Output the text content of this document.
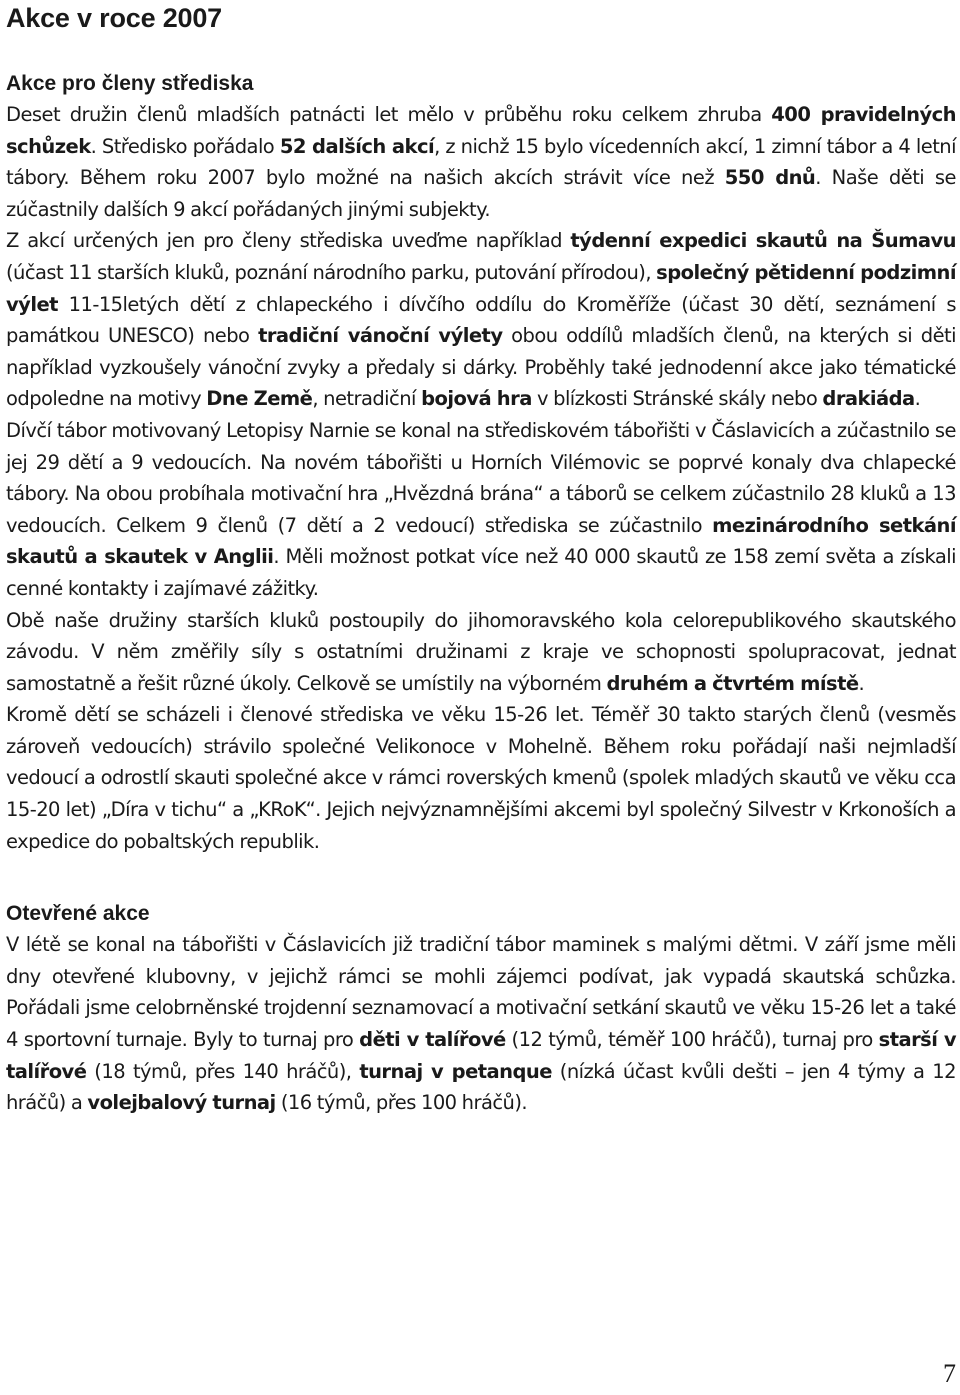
Akce v roce 2007
Akce pro členy střediska

Deset družin členů mladších patnácti let mělo v průběhu roku celkem zhruba 400 pravidelných schůzek. Středisko pořádalo 52 dalších akcí, z nichž 15 bylo vícedenních akcí, 1 zimní tábor a 4 letní tábory. Během roku 2007 bylo možné na našich akcích strávit více než 550 dnů. Naše děti se zúčastnily dalších 9 akcí pořádaných jinými subjekty.

Z akcí určených jen pro členy střediska uveďme například týdenní expedici skautů na Šumavu (účast 11 starších kluků, poznání národního parku, putování přírodou), společný pětidenní podzimní výlet 11-15letých dětí z chlapeckého i dívčího oddílu do Kroměříže (účast 30 dětí, seznámení s památkou UNESCO) nebo tradiční vánoční výlety obou oddílů mladších členů, na kterých si děti například vyzkoušely vánoční zvyky a předaly si dárky. Proběhly také jednodenní akce jako tématické odpoledne na motivy Dne Země, netradiční bojová hra v blízkosti Stránské skály nebo drakiáda.

Dívčí tábor motivovaný Letopisy Narnie se konal na střediskovém tábořišti v Čáslavicích a zúčastnilo se jej 29 dětí a 9 vedoucích. Na novém tábořišti u Horních Vilémovic se poprvé konaly dva chlapecké tábory. Na obou probíhala motivační hra „Hvězdná brána“ a táborů se celkem zúčastnilo 28 kluků a 13 vedoucích. Celkem 9 členů (7 dětí a 2 vedoucí) střediska se zúčastnilo mezinárodního setkání skautů a skautek v Anglii. Měli možnost potkat více než 40 000 skautů ze 158 zemí světa a získali cenné kontakty i zajímavé zážitky.

Obě naše družiny starších kluků postoupily do jihomoravského kola celorepublikového skautského závodu. V něm změřily síly s ostatními družinami z kraje ve schopnosti spolupracovat, jednat samostatně a řešit různé úkoly. Celkově se umístily na výborném druhém a čtvrtém místě.

Kromě dětí se scházeli i členové střediska ve věku 15-26 let. Téměř 30 takto starých členů (vesměs zároveň vedoucích) strávilo společné Velikonoce v Mohelně. Během roku pořádají naši nejmladší vedoucí a odrostlí skauti společné akce v rámci roverských kmenů (spolek mladých skautů ve věku cca 15-20 let) „Díra v tichu“ a „KRoK“. Jejich nejvýznamnějšími akcemi byl společný Silvestr v Krkonoších a expedice do pobaltských republik.

Otevřené akce

V létě se konal na tábořišti v Čáslavicích již tradiční tábor maminek s malými dětmi. V září jsme měli dny otevřené klubovny, v jejichž rámci se mohli zájemci podívat, jak vypadá skautská schůzka. Pořádali jsme celobrněnské trojdenní seznamovací a motivační setkání skautů ve věku 15-26 let a také 4 sportovní turnaje. Byly to turnaj pro děti v talířové (12 týmů, téměř 100 hráčů), turnaj pro starší v talířové (18 týmů, přes 140 hráčů), turnaj v petanque (nízká účast kvůli dešti – jen 4 týmy a 12 hráčů) a volejbalový turnaj (16 týmů, přes 100 hráčů).

7
